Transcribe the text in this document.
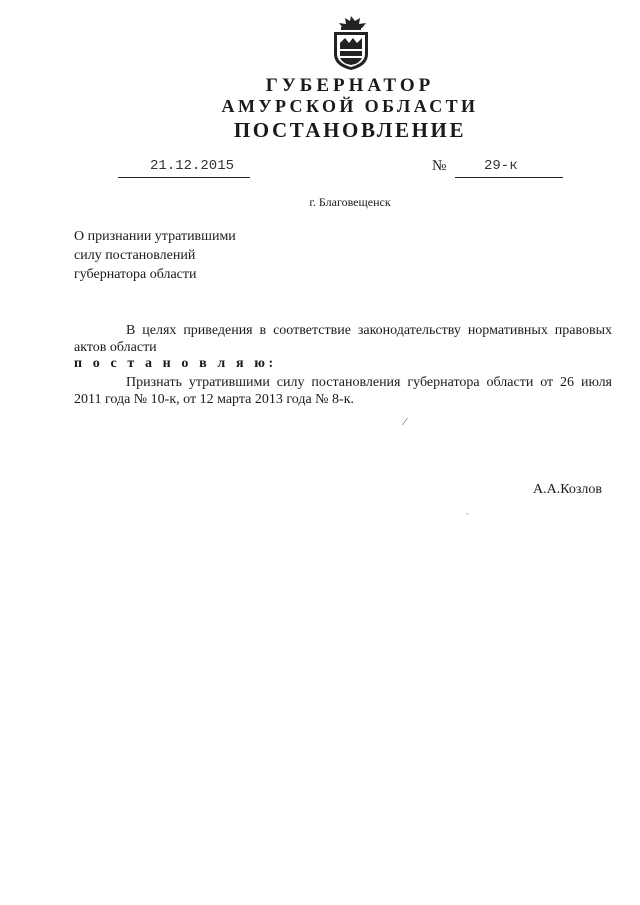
ГУБЕРНАТОР
АМУРСКОЙ ОБЛАСТИ
ПОСТАНОВЛЕНИЕ
21.12.2015	№	29-к
г. Благовещенск
О признании утратившими
силу постановлений
губернатора области
В целях приведения в соответствие законодательству нормативных правовых актов области
п о с т а н о в л я ю:
Признать утратившими силу постановления губернатора области от 26 июля 2011 года № 10-к, от 12 марта 2013 года № 8-к.
⁄
ˋ
А.А.Козлов
